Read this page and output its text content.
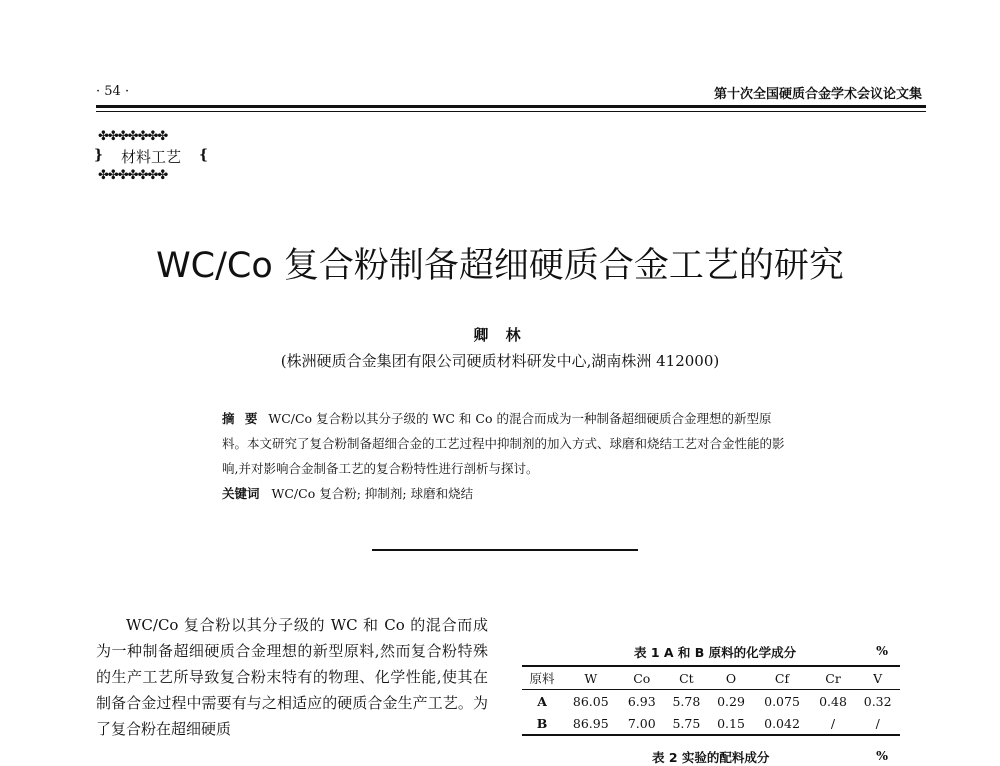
· 54 ·	第十次全国硬质合金学术会议论文集
✤✤✤✤✤✤✤
}	材料工艺	{
✤✤✤✤✤✤✤
WC/Co 复合粉制备超细硬质合金工艺的研究
卿 林
(株洲硬质合金集团有限公司硬质材料研发中心,湖南株洲 412000)
摘 要 WC/Co 复合粉以其分子级的 WC 和 Co 的混合而成为一种制备超细硬质合金理想的新型原料。本文研究了复合粉制备超细合金的工艺过程中抑制剂的加入方式、球磨和烧结工艺对合金性能的影响,并对影响合金制备工艺的复合粉特性进行剖析与探讨。
关键词 WC/Co 复合粉; 抑制剂; 球磨和烧结

WC/Co 复合粉以其分子级的 WC 和 Co 的混合而成为一种制备超细硬质合金理想的新型原料,然而复合粉特殊的生产工艺所导致复合粉末特有的物理、化学性能,使其在制备合金过程中需要有与之相适应的硬质合金生产工艺。为了复合粉在超细硬质

表 1 A 和 B 原料的化学成分	%
原料	W	Co	Ct	O	Cf	Cr	V
A	86.05	6.93	5.78	0.29	0.075	0.48	0.32
B	86.95	7.00	5.75	0.15	0.042	/	/
表 2 实验的配料成分	%
